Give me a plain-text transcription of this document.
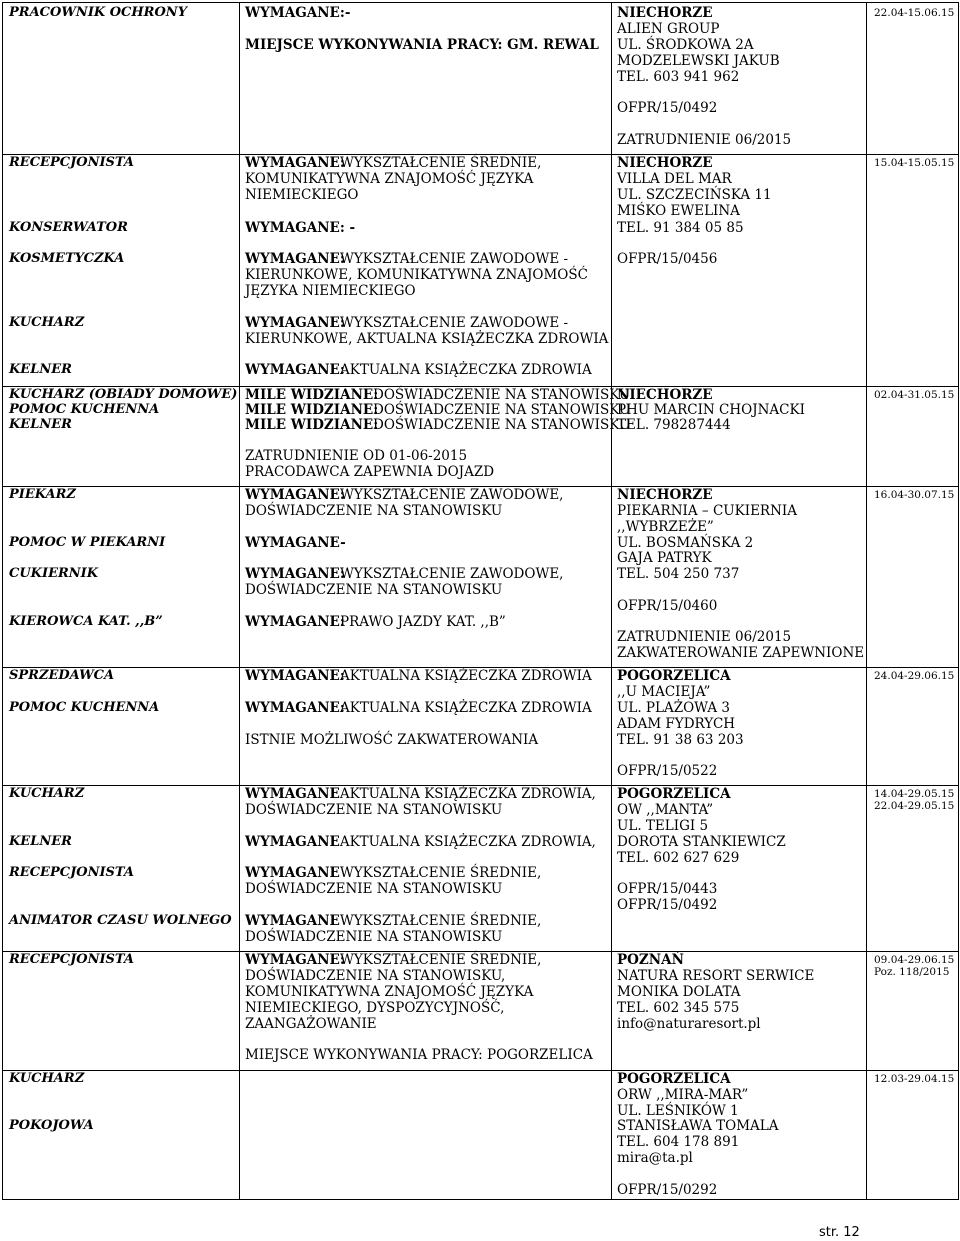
PRACOWNIK OCHRONY	WYMAGANE:-
MIEJSCE WYKONYWANIA PRACY: GM. REWAL
NIECHORZE
ALIEN GROUP
UL. ŚRODKOWA 2A
MODZELEWSKI JAKUB
TEL. 603 941 962
OFPR/15/0492
ZATRUDNIENIE 06/2015
22.04-15.06.15
RECEPCJONISTA
KONSERWATOR
KOSMETYCZKA
KUCHARZ
KELNER
WYMAGANE:
WYKSZTAŁCENIE ŚREDNIE,
KOMUNIKATYWNA ZNAJOMOŚĆ JĘZYKA
NIEMIECKIEGO
WYMAGANE: -
WYMAGANE:
WYKSZTAŁCENIE ZAWODOWE -
KIERUNKOWE, KOMUNIKATYWNA ZNAJOMOŚĆ
JĘZYKA NIEMIECKIEGO
WYMAGANE:
WYKSZTAŁCENIE ZAWODOWE -
KIERUNKOWE, AKTUALNA KSIĄŻECZKA ZDROWIA
WYMAGANE:
AKTUALNA KSIĄŻECZKA ZDROWIA
NIECHORZE
VILLA DEL MAR
UL. SZCZECIŃSKA 11
MIŚKO EWELINA
TEL. 91 384 05 85
OFPR/15/0456
15.04-15.05.15
KUCHARZ (OBIADY DOMOWE)
POMOC KUCHENNA
KELNER
MILE WIDZIANE:
DOŚWIADCZENIE NA STANOWISKU
MILE WIDZIANE:
DOŚWIADCZENIE NA STANOWISKU
MILE WIDZIANE:
DOŚWIADCZENIE NA STANOWISKU
ZATRUDNIENIE OD 01-06-2015
PRACODAWCA ZAPEWNIA DOJAZD
NIECHORZE
PHU MARCIN CHOJNACKI
TEL. 798287444
02.04-31.05.15
PIEKARZ
POMOC W PIEKARNI
CUKIERNIK
KIEROWCA KAT. ,,B”
WYMAGANE:
WYKSZTAŁCENIE ZAWODOWE,
DOŚWIADCZENIE NA STANOWISKU
WYMAGANE-
WYMAGANE:
WYKSZTAŁCENIE ZAWODOWE,
DOŚWIADCZENIE NA STANOWISKU
WYMAGANE:
PRAWO JAZDY KAT. ,,B”
NIECHORZE
PIEKARNIA – CUKIERNIA
,,WYBRZEŻE”
UL. BOSMAŃSKA 2
GAJA PATRYK
TEL. 504 250 737
OFPR/15/0460
ZATRUDNIENIE 06/2015
ZAKWATEROWANIE ZAPEWNIONE
16.04-30.07.15
SPRZEDAWCA
POMOC KUCHENNA
WYMAGANE:
AKTUALNA KSIĄŻECZKA ZDROWIA
WYMAGANE:
AKTUALNA KSIĄŻECZKA ZDROWIA
ISTNIE MOŻLIWOŚĆ ZAKWATEROWANIA
POGORZELICA
,,U MACIEJA”
UL. PLAŻOWA 3
ADAM FYDRYCH
TEL. 91 38 63 203
OFPR/15/0522
24.04-29.06.15
KUCHARZ
KELNER
RECEPCJONISTA
ANIMATOR CZASU WOLNEGO
WYMAGANE
: AKTUALNA KSIĄŻECZKA ZDROWIA,
DOŚWIADCZENIE NA STANOWISKU
WYMAGANE
: AKTUALNA KSIĄŻECZKA ZDROWIA,
WYMAGANE
: WYKSZTAŁCENIE ŚREDNIE,
DOŚWIADCZENIE NA STANOWISKU
WYMAGANE
: WYKSZTAŁCENIE ŚREDNIE,
DOŚWIADCZENIE NA STANOWISKU
POGORZELICA
OW ,,MANTA”
UL. TELIGI 5
DOROTA STANKIEWICZ
TEL. 602 627 629
OFPR/15/0443
OFPR/15/0492
14.04-29.05.15
22.04-29.05.15
RECEPCJONISTA	WYMAGANE:
WYKSZTAŁCENIE ŚREDNIE,
DOŚWIADCZENIE NA STANOWISKU,
KOMUNIKATYWNA ZNAJOMOŚĆ JĘZYKA
NIEMIECKIEGO, DYSPOZYCYJNOŚĆ,
ZAANGAŻOWANIE
MIEJSCE WYKONYWANIA PRACY: POGORZELICA
POZNAŃ
NATURA RESORT SERWICE
MONIKA DOLATA
TEL. 602 345 575
info@naturaresort.pl
09.04-29.06.15
Poz. 118/2015
KUCHARZ
POKOJOWA
POGORZELICA
ORW ,,MIRA-MAR”
UL. LEŚNIKÓW 1
STANISŁAWA TOMALA
TEL. 604 178 891
mira@ta.pl
OFPR/15/0292
12.03-29.04.15
str. 12
